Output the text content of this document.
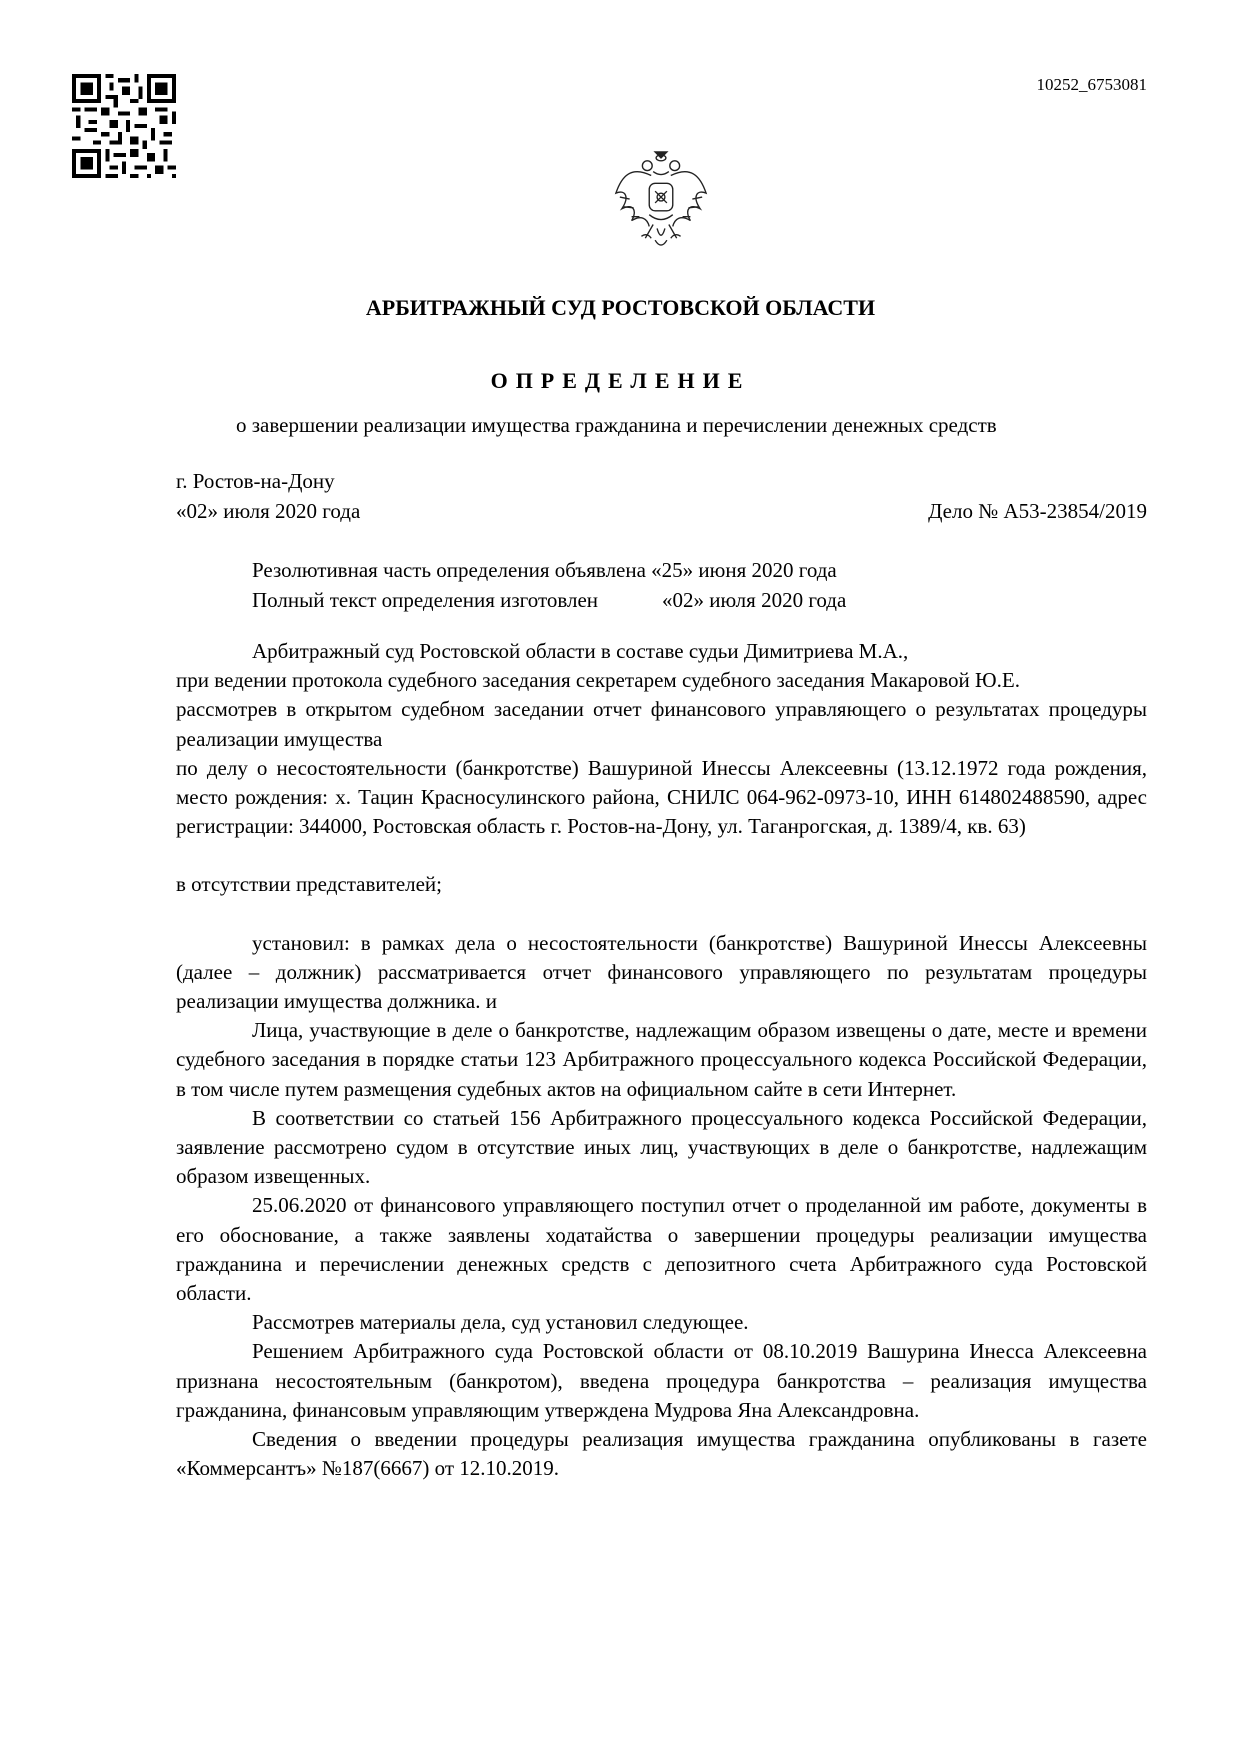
10252_6753081
АРБИТРАЖНЫЙ СУД РОСТОВСКОЙ ОБЛАСТИ
ОПРЕДЕЛЕНИЕ
о завершении реализации имущества гражданина и перечислении денежных средств
г. Ростов-на-Дону
«02» июля 2020 года	Дело № А53-23854/2019
Резолютивная часть определения объявлена «25» июня 2020 года
Полный текст определения изготовлен	«02» июля 2020 года

Арбитражный суд Ростовской области в составе судьи Димитриева М.А.,

при ведении протокола судебного заседания секретарем судебного заседания Макаровой Ю.Е.

рассмотрев в открытом судебном заседании отчет финансового управляющего о результатах процедуры реализации имущества

по делу о несостоятельности (банкротстве) Вашуриной Инессы Алексеевны (13.12.1972 года рождения, место рождения: х. Тацин Красносулинского района, СНИЛС 064-962-0973-10, ИНН 614802488590, адрес регистрации: 344000, Ростовская область г. Ростов-на-Дону, ул. Таганрогская, д. 1389/4, кв. 63)

в отсутствии представителей;

установил: в рамках дела о несостоятельности (банкротстве) Вашуриной Инессы Алексеевны (далее – должник) рассматривается отчет финансового управляющего по результатам процедуры реализации имущества должника. и

Лица, участвующие в деле о банкротстве, надлежащим образом извещены о дате, месте и времени судебного заседания в порядке статьи 123 Арбитражного процессуального кодекса Российской Федерации, в том числе путем размещения судебных актов на официальном сайте в сети Интернет.

В соответствии со статьей 156 Арбитражного процессуального кодекса Российской Федерации, заявление рассмотрено судом в отсутствие иных лиц, участвующих в деле о банкротстве, надлежащим образом извещенных.

25.06.2020 от финансового управляющего поступил отчет о проделанной им работе, документы в его обоснование, а также заявлены ходатайства о завершении процедуры реализации имущества гражданина и перечислении денежных средств с депозитного счета Арбитражного суда Ростовской области.

Рассмотрев материалы дела, суд установил следующее.

Решением Арбитражного суда Ростовской области от 08.10.2019 Вашурина Инесса Алексеевна признана несостоятельным (банкротом), введена процедура банкротства – реализация имущества гражданина, финансовым управляющим утверждена Мудрова Яна Александровна.

Сведения о введении процедуры реализация имущества гражданина опубликованы в газете «Коммерсантъ» №187(6667) от 12.10.2019.
